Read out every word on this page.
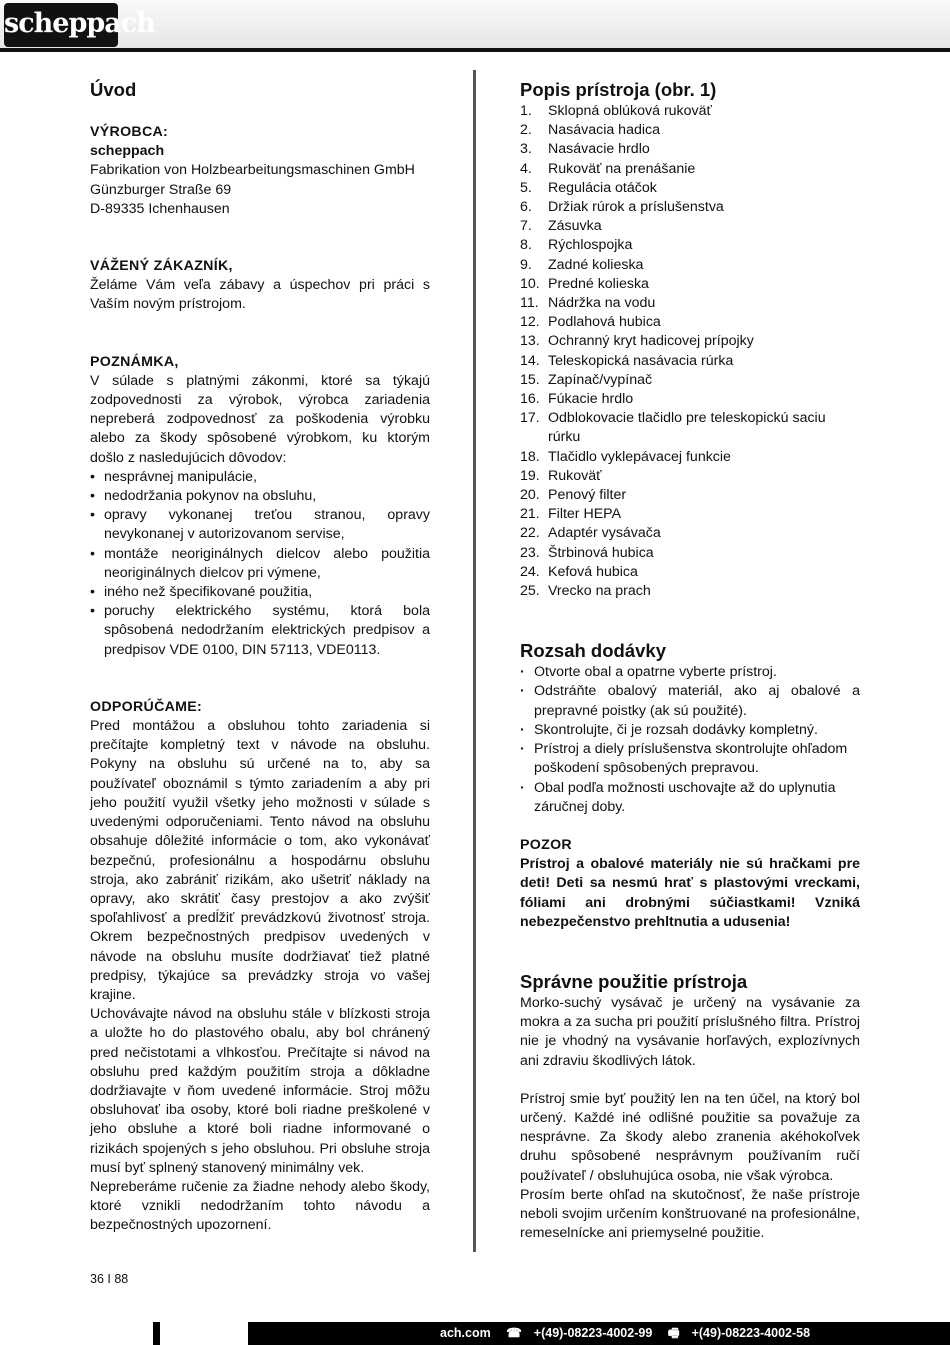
scheppach
Úvod
VÝROBCA:
scheppach
Fabrikation von Holzbearbeitungsmaschinen GmbH
Günzburger Straße 69
D-89335 Ichenhausen
VÁŽENÝ ZÁKAZNÍK,

Želáme Vám veľa zábavy a úspechov pri práci s Vaším novým prístrojom.

POZNÁMKA,

V súlade s platnými zákonmi, ktoré sa týkajú zodpovednosti za výrobok, výrobca zariadenia nepreberá zodpovednosť za poškodenia výrobku alebo za škody spôsobené výrobkom, ku ktorým došlo z nasledujúcich dôvodov:

• nesprávnej manipulácie,
• nedodržania pokynov na obsluhu,
• opravy vykonanej treťou stranou, opravy nevykonanej v autorizovanom servise,
• montáže neoriginálnych dielcov alebo použitia neoriginálnych dielcov pri výmene,
• iného než špecifikované použitia,
• poruchy elektrického systému, ktorá bola spôsobená nedodržaním elektrických predpisov a predpisov VDE 0100, DIN 57113, VDE0113.
ODPORÚČAME:

Pred montážou a obsluhou tohto zariadenia si prečítajte kompletný text v návode na obsluhu. Pokyny na obsluhu sú určené na to, aby sa používateľ oboznámil s týmto zariadením a aby pri jeho použití využil všetky jeho možnosti v súlade s uvedenými odporučeniami. Tento návod na obsluhu obsahuje dôležité informácie o tom, ako vykonávať bezpečnú, profesionálnu a hospodárnu obsluhu stroja, ako zabrániť rizikám, ako ušetriť náklady na opravy, ako skrátiť časy prestojov a ako zvýšiť spoľahlivosť a predĺžiť prevádzkovú životnosť stroja. Okrem bezpečnostných predpisov uvedených v návode na obsluhu musíte dodržiavať tiež platné predpisy, týkajúce sa prevádzky stroja vo vašej krajine.

Uchovávajte návod na obsluhu stále v blízkosti stroja a uložte ho do plastového obalu, aby bol chránený pred nečistotami a vlhkosťou. Prečítajte si návod na obsluhu pred každým použitím stroja a dôkladne dodržiavajte v ňom uvedené informácie. Stroj môžu obsluhovať iba osoby, ktoré boli riadne preškolené v jeho obsluhe a ktoré boli riadne informované o rizikách spojených s jeho obsluhou. Pri obsluhe stroja musí byť splnený stanovený minimálny vek.

Nepreberáme ručenie za žiadne nehody alebo škody, ktoré vznikli nedodržaním tohto návodu a bezpečnostných upozornení.

Popis prístroja (obr. 1)
1. Sklopná oblúková rukoväť
2. Nasávacia hadica
3. Nasávacie hrdlo
4. Rukoväť na prenášanie
5. Regulácia otáčok
6. Držiak rúrok a príslušenstva
7. Zásuvka
8. Rýchlospojka
9. Zadné kolieska
10. Predné kolieska
11. Nádržka na vodu
12. Podlahová hubica
13. Ochranný kryt hadicovej prípojky
14. Teleskopická nasávacia rúrka
15. Zapínač/vypínač
16. Fúkacie hrdlo
17. Odblokovacie tlačidlo pre teleskopickú saciu rúrku
18. Tlačidlo vyklepávacej funkcie
19. Rukoväť
20. Penový filter
21. Filter HEPA
22. Adaptér vysávača
23. Štrbinová hubica
24. Kefová hubica
25. Vrecko na prach
Rozsah dodávky
· Otvorte obal a opatrne vyberte prístroj.
· Odstráňte obalový materiál, ako aj obalové a prepravné poistky (ak sú použité).
· Skontrolujte, či je rozsah dodávky kompletný.
· Prístroj a diely príslušenstva skontrolujte ohľadom poškodení spôsobených prepravou.
· Obal podľa možnosti uschovajte až do uplynutia záručnej doby.
POZOR

Prístroj a obalové materiály nie sú hračkami pre deti! Deti sa nesmú hrať s plastovými vreckami, fóliami ani drobnými súčiastkami! Vzniká nebezpečenstvo prehltnutia a udusenia!

Správne použitie prístroja

Morko-suchý vysávač je určený na vysávanie za mokra a za sucha pri použití príslušného filtra. Prístroj nie je vhodný na vysávanie horľavých, explozívnych ani zdraviu škodlivých látok.

Prístroj smie byť použitý len na ten účel, na ktorý bol určený. Každé iné odlišné použitie sa považuje za nesprávne. Za škody alebo zranenia akéhokoľvek druhu spôsobené nesprávnym používaním ručí používateľ / obsluhujúca osoba, nie však výrobca.

Prosím berte ohľad na skutočnosť, že naše prístroje neboli svojim určením konštruované na profesionálne, remeselnícke ani priemyselné použitie.

36 I 88
ach.com ☎ +(49)-08223-4002-99 🖷 +(49)-08223-4002-58
